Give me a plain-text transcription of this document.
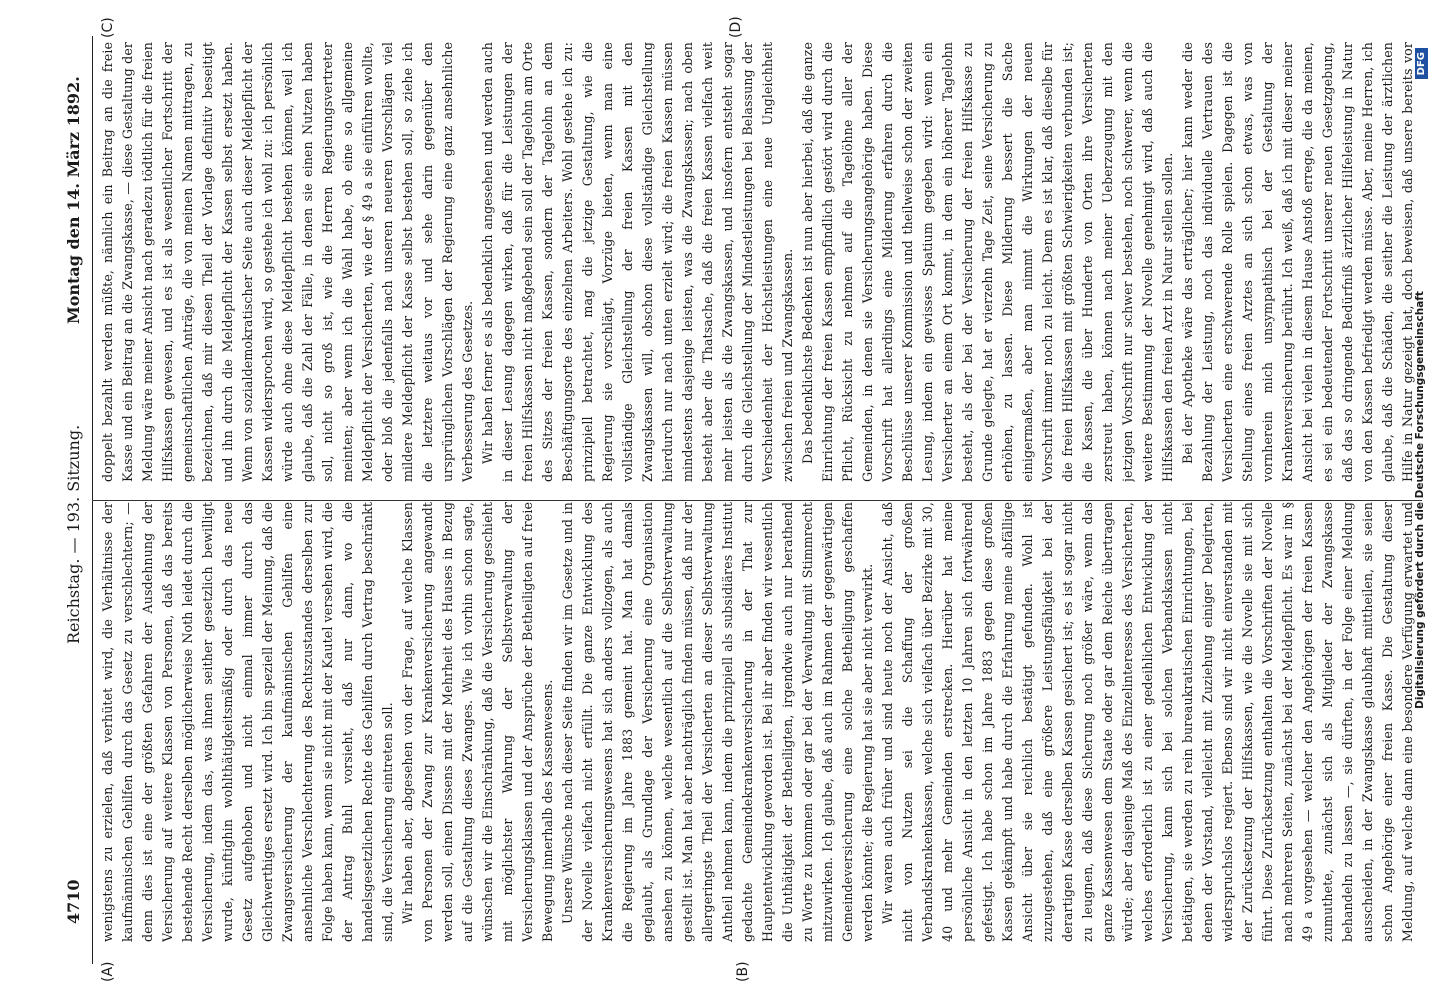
4710
Reichstag. — 193. Sitzung.
Montag den 14. März 1892.
(A)	(B)
(C)	(D)

wenigstens zu erzielen, daß verhütet wird, die Verhältnisse der kaufmännischen Gehilfen durch das Gesetz zu verschlechtern; — denn dies ist eine der größten Gefahren der Ausdehnung der Versicherung auf weitere Klassen von Personen, daß das bereits bestehende Recht derselben möglicherweise Noth leidet durch die Versicherung, indem das, was ihnen seither gesetzlich bewilligt wurde, künftighin wohlthätigkeitsmäßig oder durch das neue Gesetz aufgehoben und nicht einmal immer durch das Gleichwerthiges ersetzt wird. Ich bin speziell der Meinung, daß die Zwangsversicherung der kaufmännischen Gehilfen eine ansehnliche Verschlechterung des Rechtszustandes derselben zur Folge haben kann, wenn sie nicht mit der Kautel versehen wird, die der Antrag Buhl vorsieht, daß nur dann, wo die handelsgesetzlichen Rechte des Gehilfen durch Vertrag beschränkt sind, die Versicherung eintreten soll. Wir haben aber, abgesehen von der Frage, auf welche Klassen von Personen der Zwang zur Krankenversicherung angewandt werden soll, einen Dissens mit der Mehrheit des Hauses in Bezug auf die Gestaltung dieses Zwanges. Wie ich vorhin schon sagte, wünschen wir die Einschränkung, daß die Versicherung geschieht mit möglichster Wahrung der Selbstverwaltung der Versicherungsklassen und der Ansprüche der Betheiligten auf freie Bewegung innerhalb des Kassenwesens. Unsere Wünsche nach dieser Seite finden wir im Gesetze und in der Novelle vielfach nicht erfüllt. Die ganze Entwicklung des Krankenversicherungswesens hat sich anders vollzogen, als auch die Regierung im Jahre 1883 gemeint hat. Man hat damals geglaubt, als Grundlage der Versicherung eine Organisation ansehen zu können, welche wesentlich auf die Selbstverwaltung gestellt ist. Man hat aber nachträglich finden müssen, daß nur der allergeringste Theil der Versicherten an dieser Selbstverwaltung Antheil nehmen kann, indem die prinzipiell als subsidiäres Institut gedachte Gemeindekrankenversicherung in der That zur Hauptentwicklung geworden ist. Bei ihr aber finden wir wesentlich die Unthätigkeit der Betheiligten, irgendwie auch nur berathend zu Worte zu kommen oder gar bei der Verwaltung mit Stimmrecht mitzuwirken. Ich glaube, daß auch im Rahmen der gegenwärtigen Gemeindeversicherung eine solche Betheiligung geschaffen werden könnte; die Regierung hat sie aber nicht verwirkt. Wir waren auch früher und sind heute noch der Ansicht, daß nicht von Nutzen sei die Schaffung der großen Verbandskrankenkassen, welche sich vielfach über Bezirke mit 30, 40 und mehr Gemeinden erstrecken. Hierüber hat meine persönliche Ansicht in den letzten 10 Jahren sich fortwährend gefestigt. Ich habe schon im Jahre 1883 gegen diese großen Kassen gekämpft und habe durch die Erfahrung meine abfällige Ansicht über sie reichlich bestätigt gefunden. Wohl ist zuzugestehen, daß eine größere Leistungsfähigkeit bei der derartigen Kasse derselben Kassen gesichert ist; es ist sogar nicht zu leugnen, daß diese Sicherung noch größer wäre, wenn das ganze Kassenwesen dem Staate oder gar dem Reiche übertragen würde; aber dasjenige Maß des Einzelinteresses des Versicherten, welches erforderlich ist zu einer gedeihlichen Entwicklung der Versicherung, kann sich bei solchen Verbandskassen nicht betätigen, sie werden zu rein bureaukratischen Einrichtungen, bei denen der Vorstand, vielleicht mit Zuziehung einiger Delegirten, widerspruchslos regiert. Ebenso sind wir nicht einverstanden mit der Zurücksetzung der Hilfskassen, wie die Novelle sie mit sich führt. Diese Zurücksetzung enthalten die Vorschriften der Novelle nach mehreren Seiten, zunächst bei der Meldepflicht. Es war im § 49 a vorgesehen — welcher den Angehörigen der freien Kassen zumuthete, zunächst sich als Mitglieder der Zwangskasse behandeln zu lassen —, sie dürften, in der Folge einer Meldung ausscheiden, in der Zwangskasse glaubhaft mittheilen, sie seien schon Angehörige einer freien Kasse. Die Gestaltung dieser Meldung, auf welche dann eine besondere Verfügung erwartet und

doppelt bezahlt werden müßte, nämlich ein Beitrag an die freie Kasse und ein Beitrag an die Zwangskasse, — diese Gestaltung der Meldung wäre meiner Ansicht nach geradezu tödtlich für die freien Hilfskassen gewesen, und es ist als wesentlicher Fortschritt der gemeinschaftlichen Anträge, die von meinen Namen mittragen, zu bezeichnen, daß mir diesen Theil der Vorlage definitiv beseitigt und ihn durch die Meldepflicht der Kassen selbst ersetzt haben. Wenn von sozialdemokratischer Seite auch dieser Meldepflicht der Kassen widersprochen wird, so gestehe ich wohl zu: ich persönlich würde auch ohne diese Meldepflicht bestehen können, weil ich glaube, daß die Zahl der Fälle, in denen sie einen Nutzen haben soll, nicht so groß ist, wie die Herren Regierungsvertreter meinten; aber wenn ich die Wahl habe, ob eine so allgemeine Meldepflicht der Versicherten, wie der § 49 a sie einführen wollte, oder bloß die jedenfalls nach unseren neueren Vorschlägen viel mildere Meldepflicht der Kasse selbst bestehen soll, so ziehe ich die letztere weitaus vor und sehe darin gegenüber den ursprünglichen Vorschlägen der Regierung eine ganz ansehnliche Verbesserung des Gesetzes. Wir haben ferner es als bedenklich angesehen und werden auch in dieser Lesung dagegen wirken, daß für die Leistungen der freien Hilfskassen nicht maßgebend sein soll der Tagelohn am Orte des Sitzes der freien Kassen, sondern der Tagelohn an dem Beschäftigungsorte des einzelnen Arbeiters. Wohl gestehe ich zu: prinzipiell betrachtet, mag die jetzige Gestaltung, wie die Regierung sie vorschlägt, Vorzüge bieten, wenn man eine vollständige Gleichstellung der freien Kassen mit den Zwangskassen will, obschon diese vollständige Gleichstellung hierdurch nur nach unten erzielt wird; die freien Kassen müssen mindestens dasjenige leisten, was die Zwangskassen; nach oben besteht aber die Thatsache, daß die freien Kassen vielfach weit mehr leisten als die Zwangskassen, und insofern entsteht sogar durch die Gleichstellung der Mindestleistungen bei Belassung der Verschiedenheit der Höchstleistungen eine neue Ungleichheit zwischen freien und Zwangskassen. Das bedenklichste Bedenken ist nun aber hierbei, daß die ganze Einrichtung der freien Kassen empfindlich gestört wird durch die Pflicht, Rücksicht zu nehmen auf die Tagelöhne aller der Gemeinden, in denen sie Versicherungsangehörige haben. Diese Vorschrift hat allerdings eine Milderung erfahren durch die Beschlüsse unserer Kommission und theilweise schon der zweiten Lesung, indem ein gewisses Spatium gegeben wird: wenn ein Versicherter an einem Ort kommt, in dem ein höherer Tagelohn besteht, als der bei der Versicherung der freien Hilfskasse zu Grunde gelegte, hat er vierzehn Tage Zeit, seine Versicherung zu erhöhen, zu lassen. Diese Milderung bessert die Sache einigermaßen, aber man nimmt die Wirkungen der neuen Vorschrift immer noch zu leicht. Denn es ist klar, daß dieselbe für die freien Hilfskassen mit größten Schwierigkeiten verbunden ist; die Kassen, die über Hunderte von Orten ihre Versicherten zerstreut haben, können nach meiner Ueberzeugung mit den jetzigen Vorschrift nur schwer bestehen, noch schwerer, wenn die weitere Bestimmung der Novelle genehmigt wird, daß auch die Hilfskassen den freien Arzt in Natur stellen sollen. Bei der Apotheke wäre das erträglicher; hier kann weder die Bezahlung der Leistung, noch das individuelle Vertrauen des Versicherten eine erschwerende Rolle spielen. Dagegen ist die Stellung eines freien Arztes an sich schon etwas, was von vornherein mich unsympathisch bei der Gestaltung der Krankenversicherung berührt. Ich weiß, daß ich mit dieser meiner Ansicht bei vielen in diesem Hause Anstoß errege, die da meinen, es sei ein bedeutender Fortschritt unserer neuen Gesetzgebung, daß das so dringende Bedürfniß ärztlicher Hilfeleistung in Natur von den Kassen befriedigt werden müsse. Aber, meine Herren, ich glaube, daß die Schäden, die seither die Leistung der ärztlichen Hilfe in Natur gezeigt hat, doch beweisen, daß unsere bereits vor

Digitalisierung gefördert durch die Deutsche Forschungsgemeinschaft
DFG
